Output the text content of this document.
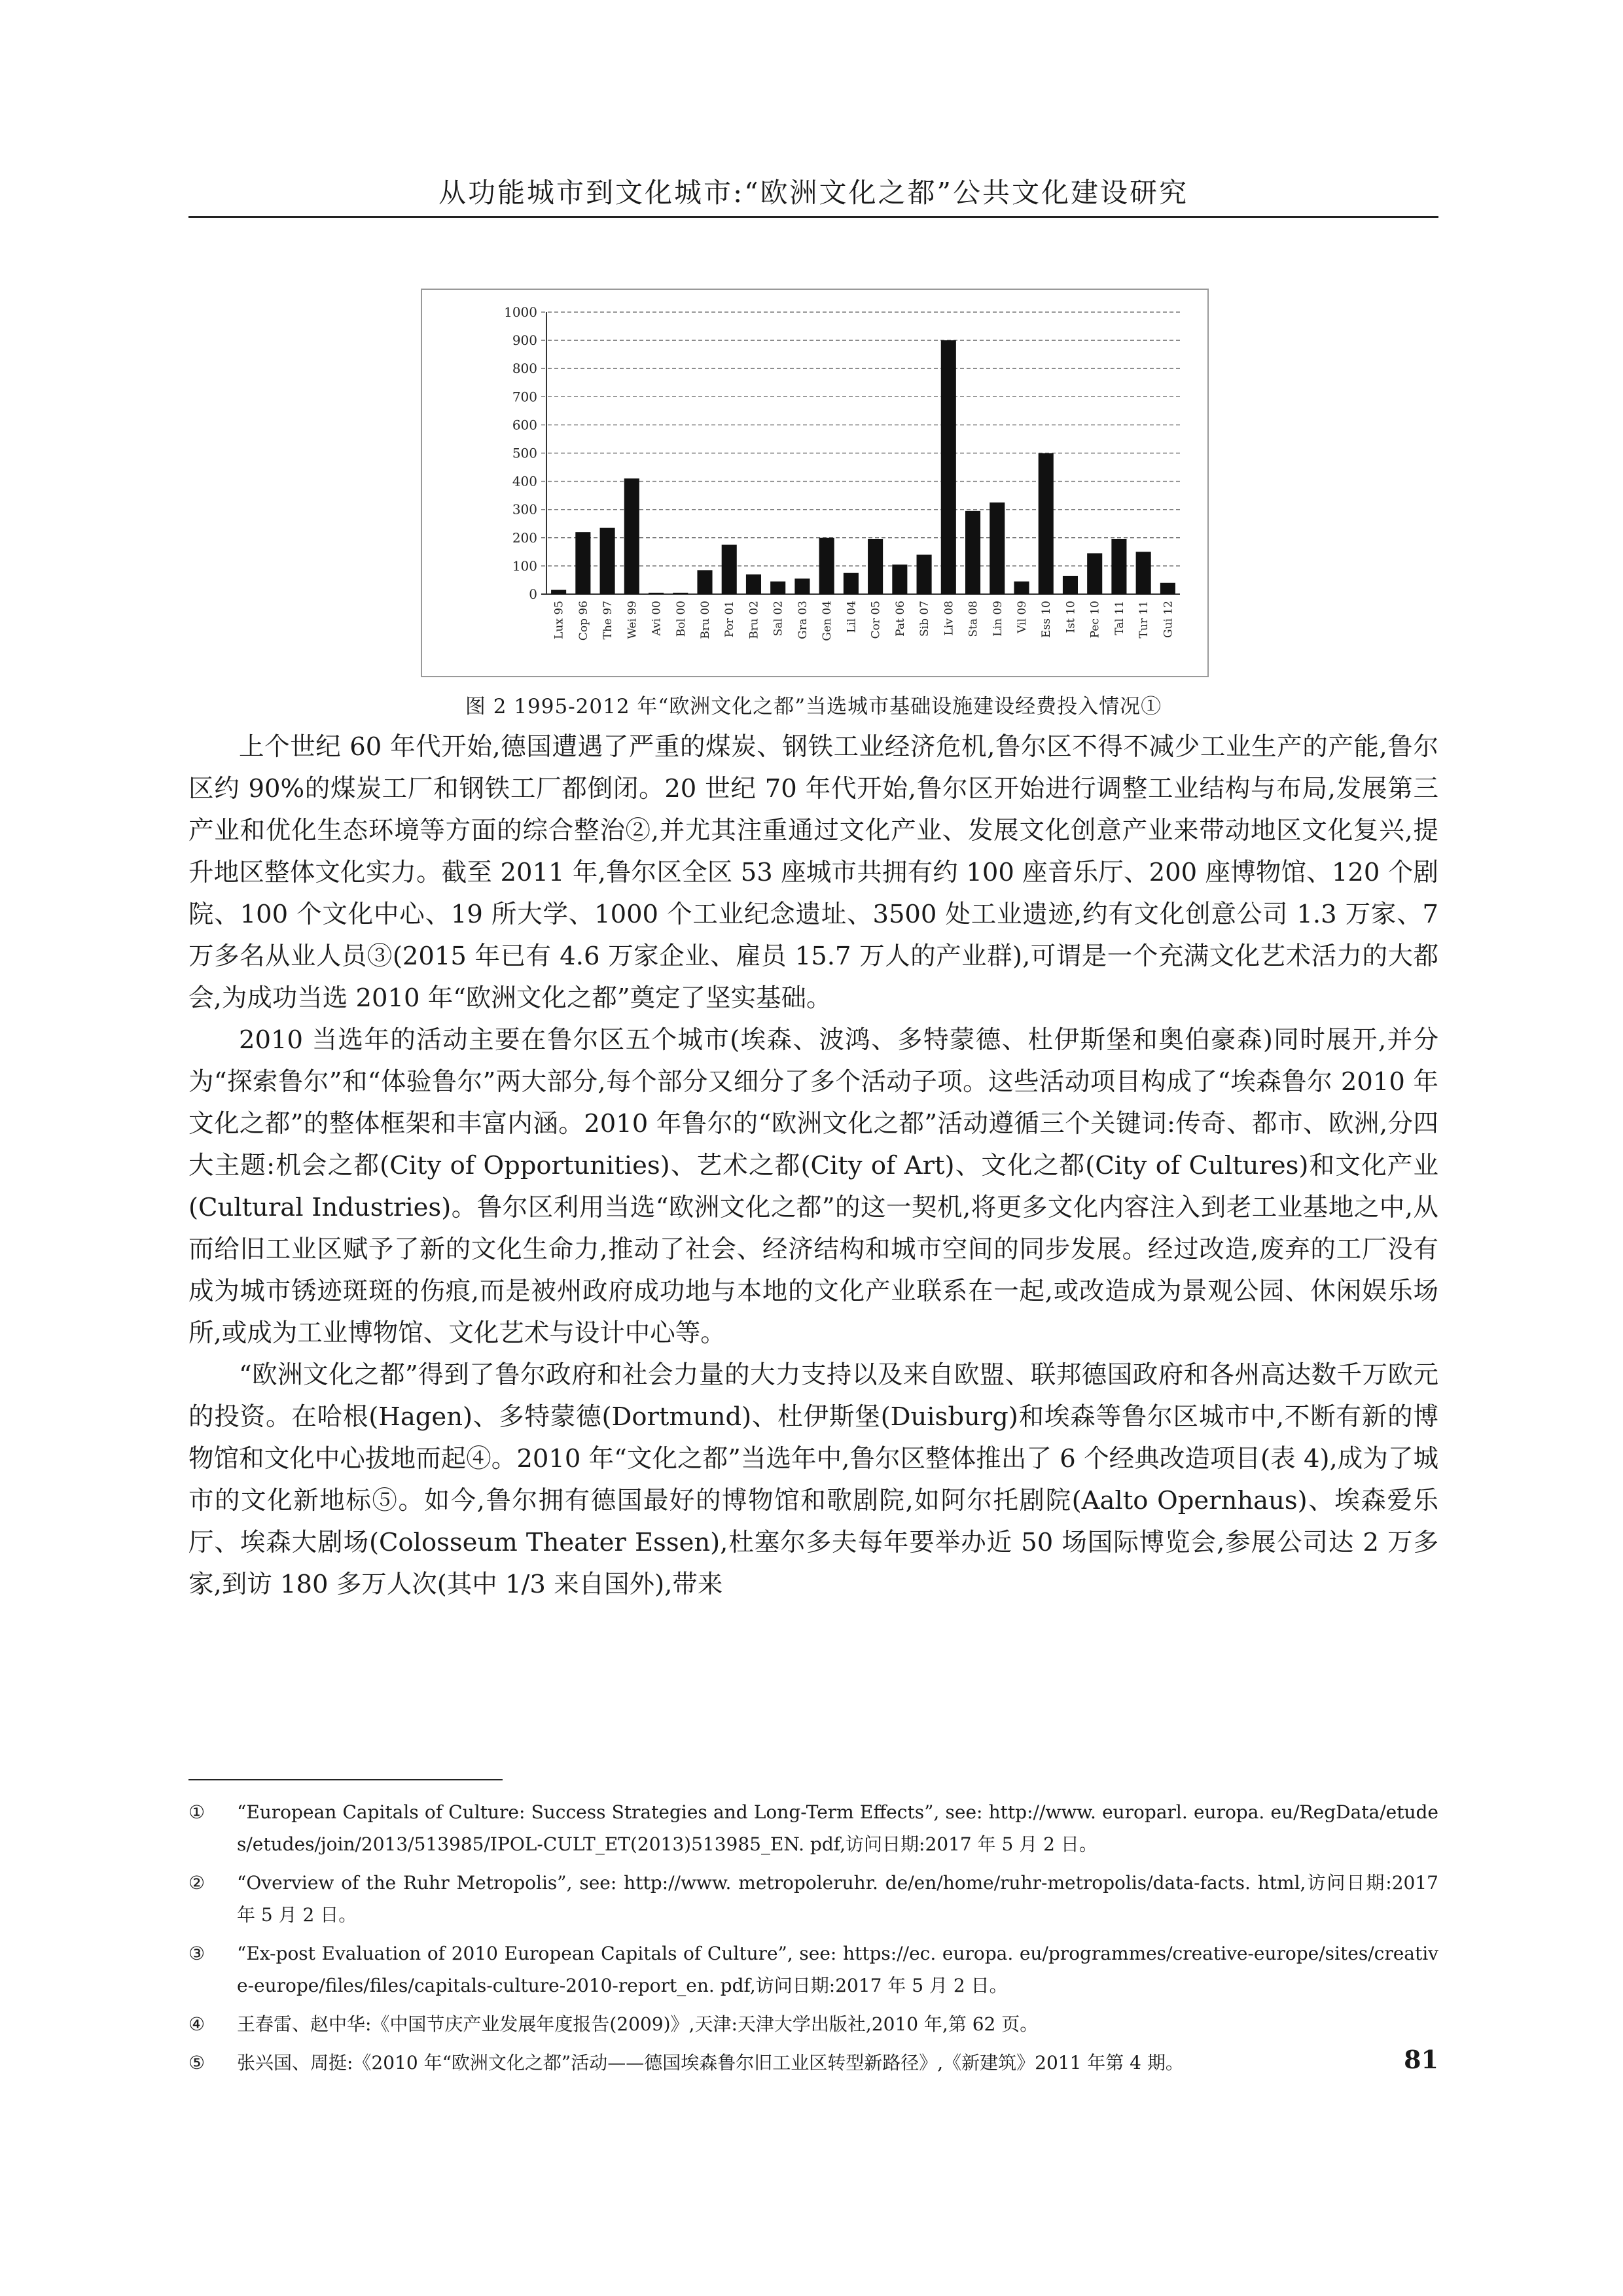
从功能城市到文化城市:“欧洲文化之都”公共文化建设研究
0
100
200
300
400
500
600
700
800
900
1000
Lux 95 Cop 96 The 97 Wei 99 Avi 00 Bol 00 Bru 00 Por 01 Bru 02 Sal 02 Gra 03 Gen 04 Lil 04 Cor 05 Pat 06 Sib 07 Liv 08 Sta 08 Lin 09 Vil 09 Ess 10 Ist 10 Pec 10 Tal 11 Tur 11 Gui 12
图 2 1995-2012 年“欧洲文化之都”当选城市基础设施建设经费投入情况①

上个世纪 60 年代开始,德国遭遇了严重的煤炭、钢铁工业经济危机,鲁尔区不得不减少工业生产的产能,鲁尔区约 90%的煤炭工厂和钢铁工厂都倒闭。20 世纪 70 年代开始,鲁尔区开始进行调整工业结构与布局,发展第三产业和优化生态环境等方面的综合整治②,并尤其注重通过文化产业、发展文化创意产业来带动地区文化复兴,提升地区整体文化实力。截至 2011 年,鲁尔区全区 53 座城市共拥有约 100 座音乐厅、200 座博物馆、120 个剧院、100 个文化中心、19 所大学、1000 个工业纪念遗址、3500 处工业遗迹,约有文化创意公司 1.3 万家、7 万多名从业人员③(2015 年已有 4.6 万家企业、雇员 15.7 万人的产业群),可谓是一个充满文化艺术活力的大都会,为成功当选 2010 年“欧洲文化之都”奠定了坚实基础。

2010 当选年的活动主要在鲁尔区五个城市(埃森、波鸿、多特蒙德、杜伊斯堡和奥伯豪森)同时展开,并分为“探索鲁尔”和“体验鲁尔”两大部分,每个部分又细分了多个活动子项。这些活动项目构成了“埃森鲁尔 2010 年文化之都”的整体框架和丰富内涵。2010 年鲁尔的“欧洲文化之都”活动遵循三个关键词:传奇、都市、欧洲,分四大主题:机会之都(City of Opportunities)、艺术之都(City of Art)、文化之都(City of Cultures)和文化产业(Cultural Industries)。鲁尔区利用当选“欧洲文化之都”的这一契机,将更多文化内容注入到老工业基地之中,从而给旧工业区赋予了新的文化生命力,推动了社会、经济结构和城市空间的同步发展。经过改造,废弃的工厂没有成为城市锈迹斑斑的伤痕,而是被州政府成功地与本地的文化产业联系在一起,或改造成为景观公园、休闲娱乐场所,或成为工业博物馆、文化艺术与设计中心等。

“欧洲文化之都”得到了鲁尔政府和社会力量的大力支持以及来自欧盟、联邦德国政府和各州高达数千万欧元的投资。在哈根(Hagen)、多特蒙德(Dortmund)、杜伊斯堡(Duisburg)和埃森等鲁尔区城市中,不断有新的博物馆和文化中心拔地而起④。2010 年“文化之都”当选年中,鲁尔区整体推出了 6 个经典改造项目(表 4),成为了城市的文化新地标⑤。如今,鲁尔拥有德国最好的博物馆和歌剧院,如阿尔托剧院(Aalto Opernhaus)、埃森爱乐厅、埃森大剧场(Colosseum Theater Essen),杜塞尔多夫每年要举办近 50 场国际博览会,参展公司达 2 万多家,到访 180 多万人次(其中 1/3 来自国外),带来

①	“European Capitals of Culture: Success Strategies and Long-Term Effects”, see: http://www. europarl. europa. eu/RegData/etudes/etudes/join/2013/513985/IPOL-CULT_ET(2013)513985_EN. pdf,访问日期:2017 年 5 月 2 日。
②	“Overview of the Ruhr Metropolis”, see: http://www. metropoleruhr. de/en/home/ruhr-metropolis/data-facts. html,访问日期:2017 年 5 月 2 日。
③	“Ex-post Evaluation of 2010 European Capitals of Culture”, see: https://ec. europa. eu/programmes/creative-europe/sites/creative-europe/files/files/capitals-culture-2010-report_en. pdf,访问日期:2017 年 5 月 2 日。
④	王春雷、赵中华:《中国节庆产业发展年度报告(2009)》,天津:天津大学出版社,2010 年,第 62 页。
⑤	张兴国、周挺:《2010 年“欧洲文化之都”活动——德国埃森鲁尔旧工业区转型新路径》,《新建筑》2011 年第 4 期。	81
